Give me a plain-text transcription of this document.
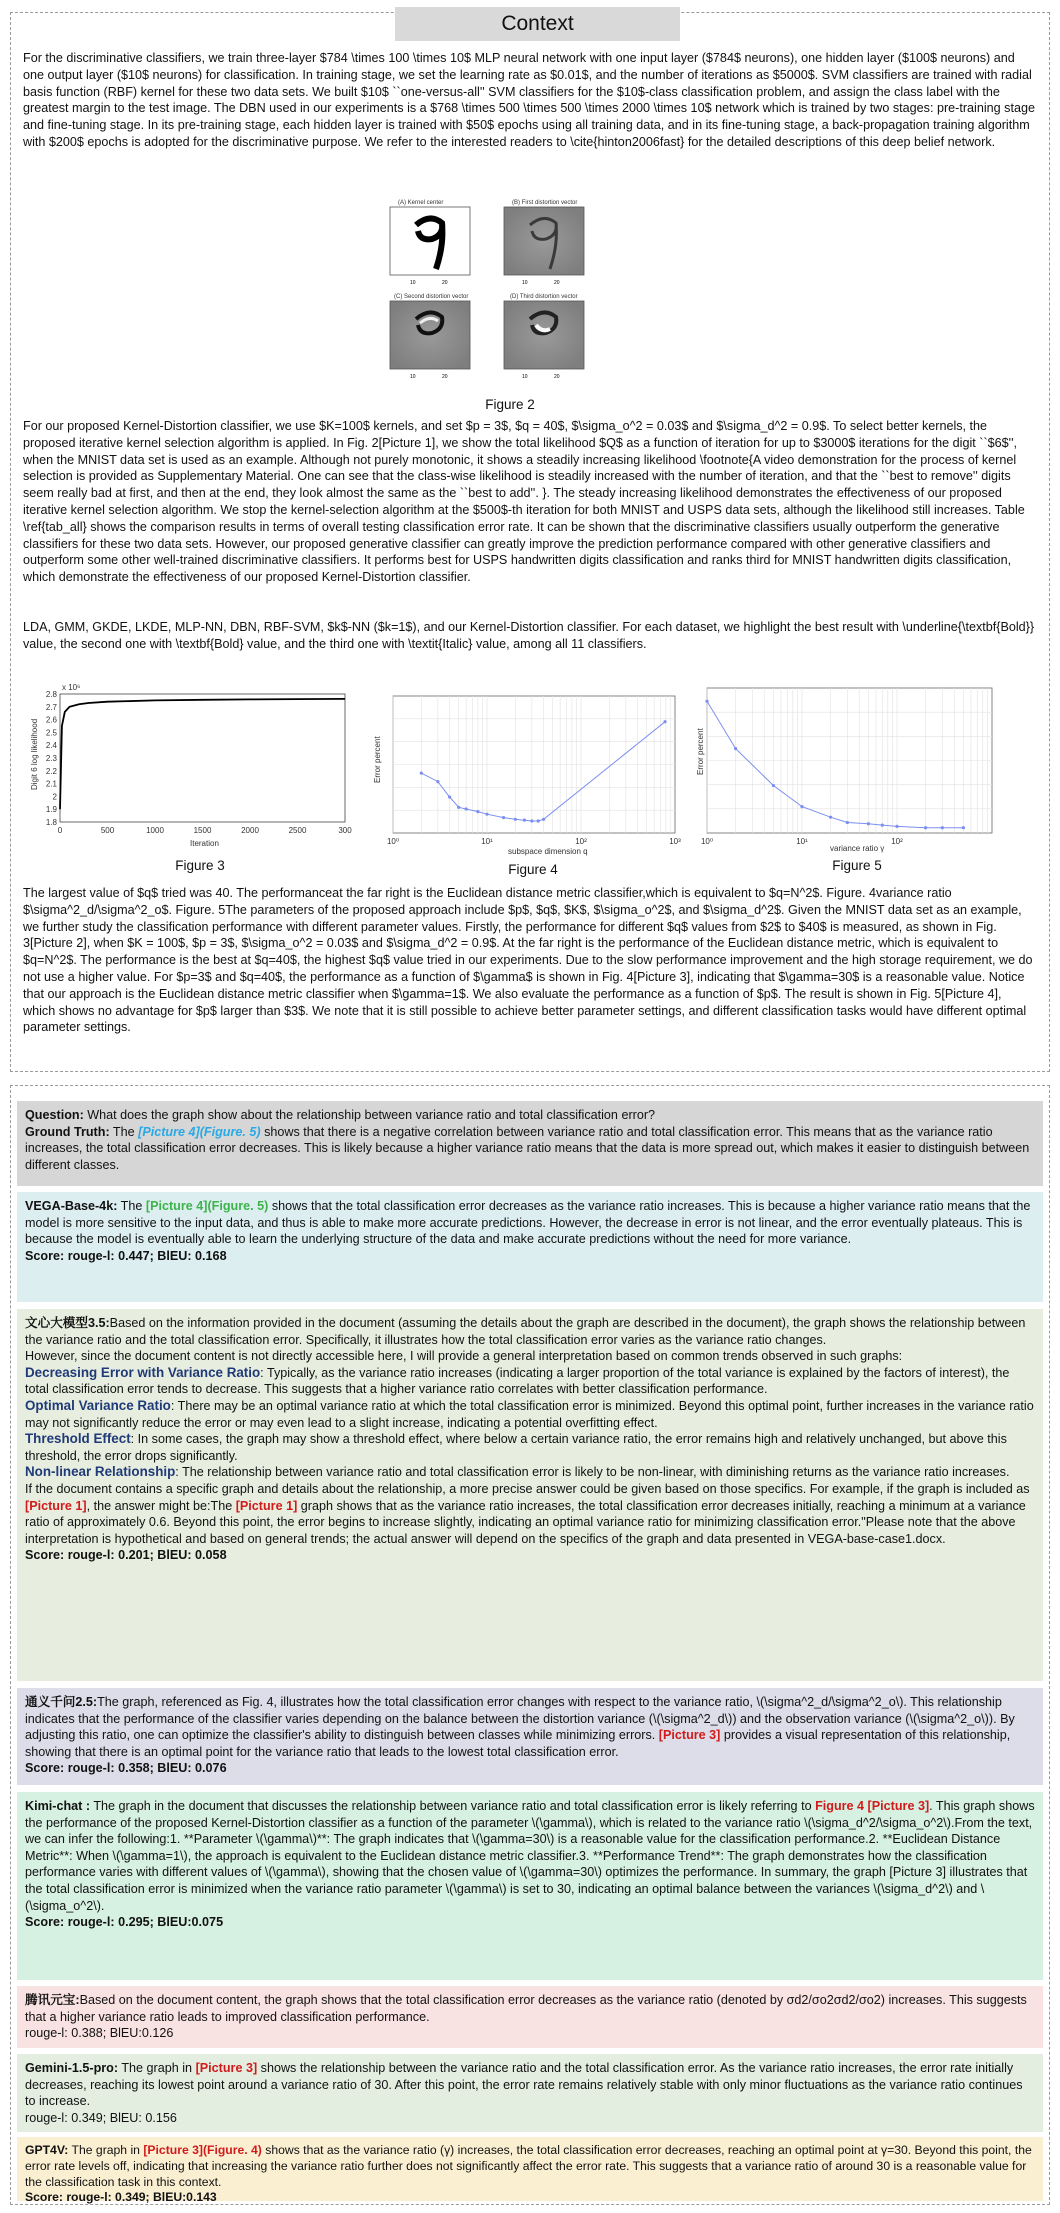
Context
For the discriminative classifiers, we train three-layer $784 \times 100 \times 10$ MLP neural network with one input layer ($784$ neurons), one hidden layer ($100$ neurons) and one output layer ($10$ neurons) for classification. In training stage, we set the learning rate as $0.01$, and the number of iterations as $5000$. SVM classifiers are trained with radial basis function (RBF) kernel for these two data sets. We built $10$ ``one-versus-all'' SVM classifiers for the $10$-class classification problem, and assign the class label with the greatest margin to the test image. The DBN used in our experiments is a $768 \times 500 \times 500 \times 2000 \times 10$ network which is trained by two stages: pre-training stage and fine-tuning stage. In its pre-training stage, each hidden layer is trained with $50$ epochs using all training data, and in its fine-tuning stage, a back-propagation training algorithm with $200$ epochs is adopted for the discriminative purpose. We refer to the interested readers to \cite{hinton2006fast} for the detailed descriptions of this deep belief network.
(A) Kernel center	(B) First distortion vector
10	20	10	20
(C) Second distortion vector	(D) Third distortion vector
10	20	10	20
Figure 2
For our proposed Kernel-Distortion classifier, we use $K=100$ kernels, and set $p = 3$, $q = 40$, $\sigma_o^2 = 0.03$ and $\sigma_d^2 = 0.9$. To select better kernels, the proposed iterative kernel selection algorithm is applied. In Fig. 2[Picture 1], we show the total likelihood $Q$ as a function of iteration for up to $3000$ iterations for the digit ``$6$'', when the MNIST data set is used as an example. Although not purely monotonic, it shows a steadily increasing likelihood \footnote{A video demonstration for the process of kernel selection is provided as Supplementary Material. One can see that the class-wise likelihood is steadily increased with the number of iteration, and that the ``best to remove'' digits seem really bad at first, and then at the end, they look almost the same as the ``best to add''. }. The steady increasing likelihood demonstrates the effectiveness of our proposed iterative kernel selection algorithm. We stop the kernel-selection algorithm at the $500$-th iteration for both MNIST and USPS data sets, although the likelihood still increases. Table \ref{tab_all} shows the comparison results in terms of overall testing classification error rate. It can be shown that the discriminative classifiers usually outperform the generative classifiers for these two data sets. However, our proposed generative classifier can greatly improve the prediction performance compared with other generative classifiers and outperform some other well-trained discriminative classifiers. It performs best for USPS handwritten digits classification and ranks third for MNIST handwritten digits classification, which demonstrate the effectiveness of our proposed Kernel-Distortion classifier.
LDA, GMM, GKDE, LKDE, MLP-NN, DBN, RBF-SVM, $k$-NN ($k=1$), and our Kernel-Distortion classifier. For each dataset, we highlight the best result with \underline{\textbf{Bold}} value, the second one with \textbf{Bold} value, and the third one with \textit{Italic} value, among all 11 classifiers.
x 10⁶
Digit 6 log likelihood
2.8
2.7
2.6
2.5
2.4
2.3
2.2
2.1
2
1.9
1.8
0	500	1000	1500	2000	2500	300
Iteration
Figure 3
Error percent
10⁰	10¹	10²	10³
subspace dimension q
Figure 4
Error percent
10⁰	10¹	10²
variance ratio γ
Figure 5
The largest value of $q$ tried was 40. The performanceat the far right is the Euclidean distance metric classifier,which is equivalent to $q=N^2$. Figure. 4variance ratio $\sigma^2_d/\sigma^2_o$. Figure. 5The parameters of the proposed approach include $p$, $q$, $K$, $\sigma_o^2$, and $\sigma_d^2$. Given the MNIST data set as an example, we further study the classification performance with different parameter values. Firstly, the performance for different $q$ values from $2$ to $40$ is measured, as shown in Fig. 3[Picture 2], when $K = 100$, $p = 3$, $\sigma_o^2 = 0.03$ and $\sigma_d^2 = 0.9$. At the far right is the performance of the Euclidean distance metric, which is equivalent to $q=N^2$. The performance is the best at $q=40$, the highest $q$ value tried in our experiments. Due to the slow performance improvement and the high storage requirement, we do not use a higher value. For $p=3$ and $q=40$, the performance as a function of $\gamma$ is shown in Fig. 4[Picture 3], indicating that $\gamma=30$ is a reasonable value. Notice that our approach is the Euclidean distance metric classifier when $\gamma=1$. We also evaluate the performance as a function of $p$. The result is shown in Fig. 5[Picture 4], which shows no advantage for $p$ larger than $3$. We note that it is still possible to achieve better parameter settings, and different classification tasks would have different optimal parameter settings.
Question: What does the graph show about the relationship between variance ratio and total classification error?
Ground Truth: The [Picture 4](Figure. 5) shows that there is a negative correlation between variance ratio and total classification error. This means that as the variance ratio increases, the total classification error decreases. This is likely because a higher variance ratio means that the data is more spread out, which makes it easier to distinguish between different classes.
VEGA-Base-4k: The [Picture 4](Figure. 5) shows that the total classification error decreases as the variance ratio increases. This is because a higher variance ratio means that the model is more sensitive to the input data, and thus is able to make more accurate predictions. However, the decrease in error is not linear, and the error eventually plateaus. This is because the model is eventually able to learn the underlying structure of the data and make accurate predictions without the need for more variance.
Score: rouge-l: 0.447; BlEU: 0.168
文心大模型3.5:Based on the information provided in the document (assuming the details about the graph are described in the document), the graph shows the relationship between the variance ratio and the total classification error. Specifically, it illustrates how the total classification error varies as the variance ratio changes.
However, since the document content is not directly accessible here, I will provide a general interpretation based on common trends observed in such graphs:
Decreasing Error with Variance Ratio: Typically, as the variance ratio increases (indicating a larger proportion of the total variance is explained by the factors of interest), the total classification error tends to decrease. This suggests that a higher variance ratio correlates with better classification performance.
Optimal Variance Ratio: There may be an optimal variance ratio at which the total classification error is minimized. Beyond this optimal point, further increases in the variance ratio may not significantly reduce the error or may even lead to a slight increase, indicating a potential overfitting effect.
Threshold Effect: In some cases, the graph may show a threshold effect, where below a certain variance ratio, the error remains high and relatively unchanged, but above this threshold, the error drops significantly.
Non-linear Relationship: The relationship between variance ratio and total classification error is likely to be non-linear, with diminishing returns as the variance ratio increases.
If the document contains a specific graph and details about the relationship, a more precise answer could be given based on those specifics. For example, if the graph is included as [Picture 1], the answer might be:The [Picture 1] graph shows that as the variance ratio increases, the total classification error decreases initially, reaching a minimum at a variance ratio of approximately 0.6. Beyond this point, the error begins to increase slightly, indicating an optimal variance ratio for minimizing classification error."Please note that the above interpretation is hypothetical and based on general trends; the actual answer will depend on the specifics of the graph and data presented in VEGA-base-case1.docx.
Score: rouge-l: 0.201; BlEU: 0.058
通义千问2.5:The graph, referenced as Fig. 4, illustrates how the total classification error changes with respect to the variance ratio, \(\sigma^2_d/\sigma^2_o\). This relationship indicates that the performance of the classifier varies depending on the balance between the distortion variance (\(\sigma^2_d\)) and the observation variance (\(\sigma^2_o\)). By adjusting this ratio, one can optimize the classifier's ability to distinguish between classes while minimizing errors. [Picture 3] provides a visual representation of this relationship, showing that there is an optimal point for the variance ratio that leads to the lowest total classification error.
Score: rouge-l: 0.358; BlEU: 0.076
Kimi-chat : The graph in the document that discusses the relationship between variance ratio and total classification error is likely referring to Figure 4 [Picture 3]. This graph shows the performance of the proposed Kernel-Distortion classifier as a function of the parameter \(\gamma\), which is related to the variance ratio \(\sigma_d^2/\sigma_o^2\).From the text, we can infer the following:1. **Parameter \(\gamma\)**: The graph indicates that \(\gamma=30\) is a reasonable value for the classification performance.2. **Euclidean Distance Metric**: When \(\gamma=1\), the approach is equivalent to the Euclidean distance metric classifier.3. **Performance Trend**: The graph demonstrates how the classification performance varies with different values of \(\gamma\), showing that the chosen value of \(\gamma=30\) optimizes the performance. In summary, the graph [Picture 3] illustrates that the total classification error is minimized when the variance ratio parameter \(\gamma\) is set to 30, indicating an optimal balance between the variances \(\sigma_d^2\) and \(\sigma_o^2\).
Score: rouge-l: 0.295; BlEU:0.075
腾讯元宝:Based on the document content, the graph shows that the total classification error decreases as the variance ratio (denoted by σd2/σo2σd2/σo2) increases. This suggests that a higher variance ratio leads to improved classification performance.
rouge-l: 0.388; BlEU:0.126
Gemini-1.5-pro: The graph in [Picture 3] shows the relationship between the variance ratio and the total classification error. As the variance ratio increases, the error rate initially decreases, reaching its lowest point around a variance ratio of 30. After this point, the error rate remains relatively stable with only minor fluctuations as the variance ratio continues to increase.
rouge-l: 0.349; BlEU: 0.156
GPT4V: The graph in [Picture 3](Figure. 4) shows that as the variance ratio (γ) increases, the total classification error decreases, reaching an optimal point at γ=30. Beyond this point, the error rate levels off, indicating that increasing the variance ratio further does not significantly affect the error rate. This suggests that a variance ratio of around 30 is a reasonable value for the classification task in this context.
Score: rouge-l: 0.349; BlEU:0.143
